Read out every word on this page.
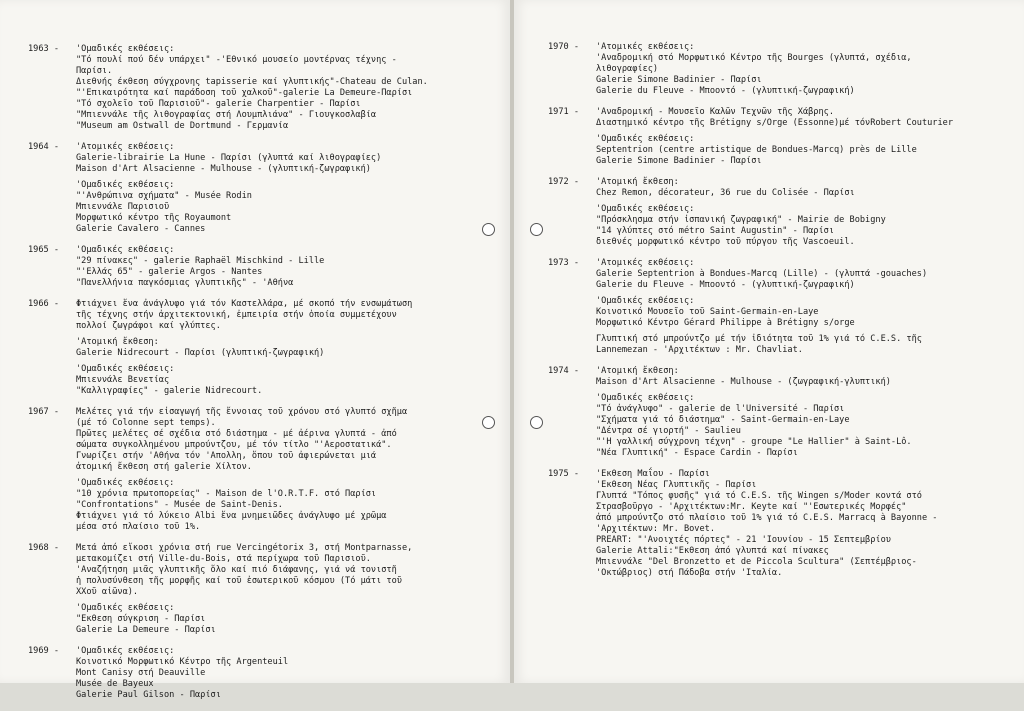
1963 -	'Ομαδικές εκθέσεις:
"Τό πουλί πού δέν υπάρχει" -'Εθνικό μουσείο μοντέρνας τέχνης -
Παρίσι.
Διεθνής έκθεση σύγχρονης tapisserie καί γλυπτικής"-Chateau de Culan.
"'Επικαιρότητα καί παράδοση τοῦ χαλκοῦ"-galerie La Demeure-Παρίσι
"Τό σχολεῖο τοῦ Παρισιοῦ"- galerie Charpentier - Παρίσι
"Μπιεννάλε τῆς λιθογραφίας στή Λουμπλιάνα" - Γιουγκοσλαβία
"Museum am Ostwall de Dortmund - Γερμανία
1964 -	'Ατομικές εκθέσεις:
Galerie-librairie La Hune - Παρίσι (γλυπτά καί λιθογραφίες)
Maison d'Art Alsacienne - Mulhouse - (γλυπτική-ζωγραφική)
'Ομαδικές εκθέσεις:
"'Ανθρώπινα σχήματα" - Musée Rodin
Μπιεννάλε Παρισιοῦ
Μορφωτικό κέντρο τῆς Royaumont
Galerie Cavalero - Cannes
1965 -	'Ομαδικές εκθέσεις:
"29 πίνακες" - galerie Raphaël Mischkind - Lille
"'Ελλάς 65" - galerie Argos - Nantes
"Πανελλήνια παγκόσμιας γλυπτικῆς" - 'Αθήνα
1966 -	Φτιάχνει ἕνα ἀνάγλυφο γιά τόν Καστελλάρα, μέ σκοπό τήν ενσωμάτωση
τῆς τέχνης στήν ἀρχιτεκτονική, ἐμπειρία στήν ὁποία συμμετέχουν
πολλοί ζωγράφοι καί γλύπτες.
'Ατομική ἔκθεση:
Galerie Nidrecourt - Παρίσι (γλυπτική-ζωγραφική)
'Ομαδικές εκθέσεις:
Μπιεννάλε Βενετίας
"Καλλιγραφίες" - galerie Nidrecourt.
1967 -	Μελέτες γιά τήν εἰσαγωγή τῆς ἔννοιας τοῦ χρόνου στό γλυπτό σχῆμα
(μέ τό Colonne sept temps).
Πρῶτες μελέτες σέ σχέδια στό διάστημα - μέ ἀέρινα γλυπτά - ἀπό
σώματα συγκολλημένου μπρούντζου, μέ τόν τίτλο "'Αεροστατικά".
Γνωρίζει στήν 'Αθήνα τόν 'Απολλη, ὅπου τοῦ ἀφιερώνεται μιά
ἀτομική ἔκθεση στή galerie Χίλτον.
'Ομαδικές εκθέσεις:
"10 χρόνια πρωτοπορείας" - Maison de l'O.R.T.F. στό Παρίσι
"Confrontations" - Musée de Saint-Denis.
Φτιάχνει γιά τό λύκειο Albi ἕνα μνημειῶδες ἀνάγλυφο μέ χρῶμα
μέσα στό πλαίσιο τοῦ 1%.
1968 -	Μετά ἀπό εἴκοσι χρόνια στή rue Vercingétorix 3, στή Montparnasse,
μετακομίζει στή Ville-du-Bois, στά περίχωρα τοῦ Παρισιοῦ.
'Αναζήτηση μιᾶς γλυπτικῆς ὅλο καί πιό διάφανης, γιά νά τονιστῆ
ἡ πολυσύνθεση τῆς μορφῆς καί τοῦ ἐσωτερικοῦ κόσμου (Τό μάτι τοῦ
XXοῦ αἰῶνα).
'Ομαδικές εκθέσεις:
"Εκθεση σύγκριση - Παρίσι
Galerie La Demeure - Παρίσι
1969 -	'Ομαδικές εκθέσεις:
Κοινοτικό Μορφωτικό Κέντρο τῆς Argenteuil
Mont Canisy στή Deauville
Musée de Bayeux
Galerie Paul Gilson - Παρίσι
1970 -	'Ατομικές εκθέσεις:
'Αναδρομική στό Μορφωτικό Κέντρο τῆς Bourges (γλυπτά, σχέδια,
λιθογραφίες)
Galerie Simone Badinier - Παρίσι
Galerie du Fleuve - Μποοντό - (γλυπτική-ζωγραφική)
1971 -	'Αναδρομική - Μουσεῖο Καλῶν Τεχνῶν τῆς Χάβρης.
Διαστημικό κέντρο τῆς Brétigny s/Orge (Essonne)μέ τόνRobert Couturier
'Ομαδικές εκθέσεις:
Septentrion (centre artistique de Bondues-Marcq) près de Lille
Galerie Simone Badinier - Παρίσι
1972 -	'Ατομική ἔκθεση:
Chez Remon, décorateur, 36 rue du Colisée - Παρίσι
'Ομαδικές εκθέσεις:
"Πρόσκλησμα στήν ἰσπανική ζωγραφική" - Mairie de Bobigny
"14 γλύπτες στό métro Saint Augustin" - Παρίσι
διεθνές μορφωτικό κέντρο τοῦ πύργου τῆς Vascoeuil.
1973 -	'Ατομικές εκθέσεις:
Galerie Septentrion à Bondues-Marcq (Lille) - (γλυπτά -gouaches)
Galerie du Fleuve - Μποοντό - (γλυπτική-ζωγραφική)
'Ομαδικές εκθέσεις:
Κοινοτικό Μουσεῖο τοῦ Saint-Germain-en-Laye
Μορφωτικό Κέντρο Gérard Philippe à Brétigny s/orge
Γλυπτική στό μπρούντζο μέ τήν ἰδιότητα τοῦ 1% γιά τό C.E.S. τῆς
Lannemezan - 'Αρχιτέκτων : Mr. Chavliat.
1974 -	'Ατομική ἔκθεση:
Maison d'Art Alsacienne - Mulhouse - (ζωγραφική-γλυπτική)
'Ομαδικές εκθέσεις:
"Τό ἀνάγλυφο" - galerie de l'Université - Παρίσι
"Σχήματα γιά τό διάστημα" - Saint-Germain-en-Laye
"Δέντρα σέ γιορτή" - Saulieu
"'Η γαλλική σύγχρονη τέχνη" - groupe "Le Hallier" à Saint-Lô.
"Νέα Γλυπτική" - Espace Cardin - Παρίσι
1975 -	'Εκθεση Μαΐου - Παρίσι
'Εκθεση Νέας Γλυπτικῆς - Παρίσι
Γλυπτά "Τόπος φυσῆς" γιά τό C.E.S. τῆς Wingen s/Moder κοντά στό
Στρασβοῦργο - 'Αρχιτέκτων:Mr. Keyte καί "'Εσωτερικές Μορφές"
ἀπό μπρούντζο στό πλαίσιο τοῦ 1% γιά τό C.E.S. Marracq à Bayonne -
'Αρχιτέκτων: Mr. Bovet.
PREART: "'Ανοιχτές πόρτες" - 21 'Ιουνίου - 15 Σεπτεμβρίου
Galerie Attali:"Εκθεση ἀπό γλυπτά καί πίνακες
Μπιεννάλε "Del Bronzetto et de Piccola Scultura" (Σεπτέμβριος-
'Οκτώβριος) στή Πάδοβα στήν 'Ιταλία.
